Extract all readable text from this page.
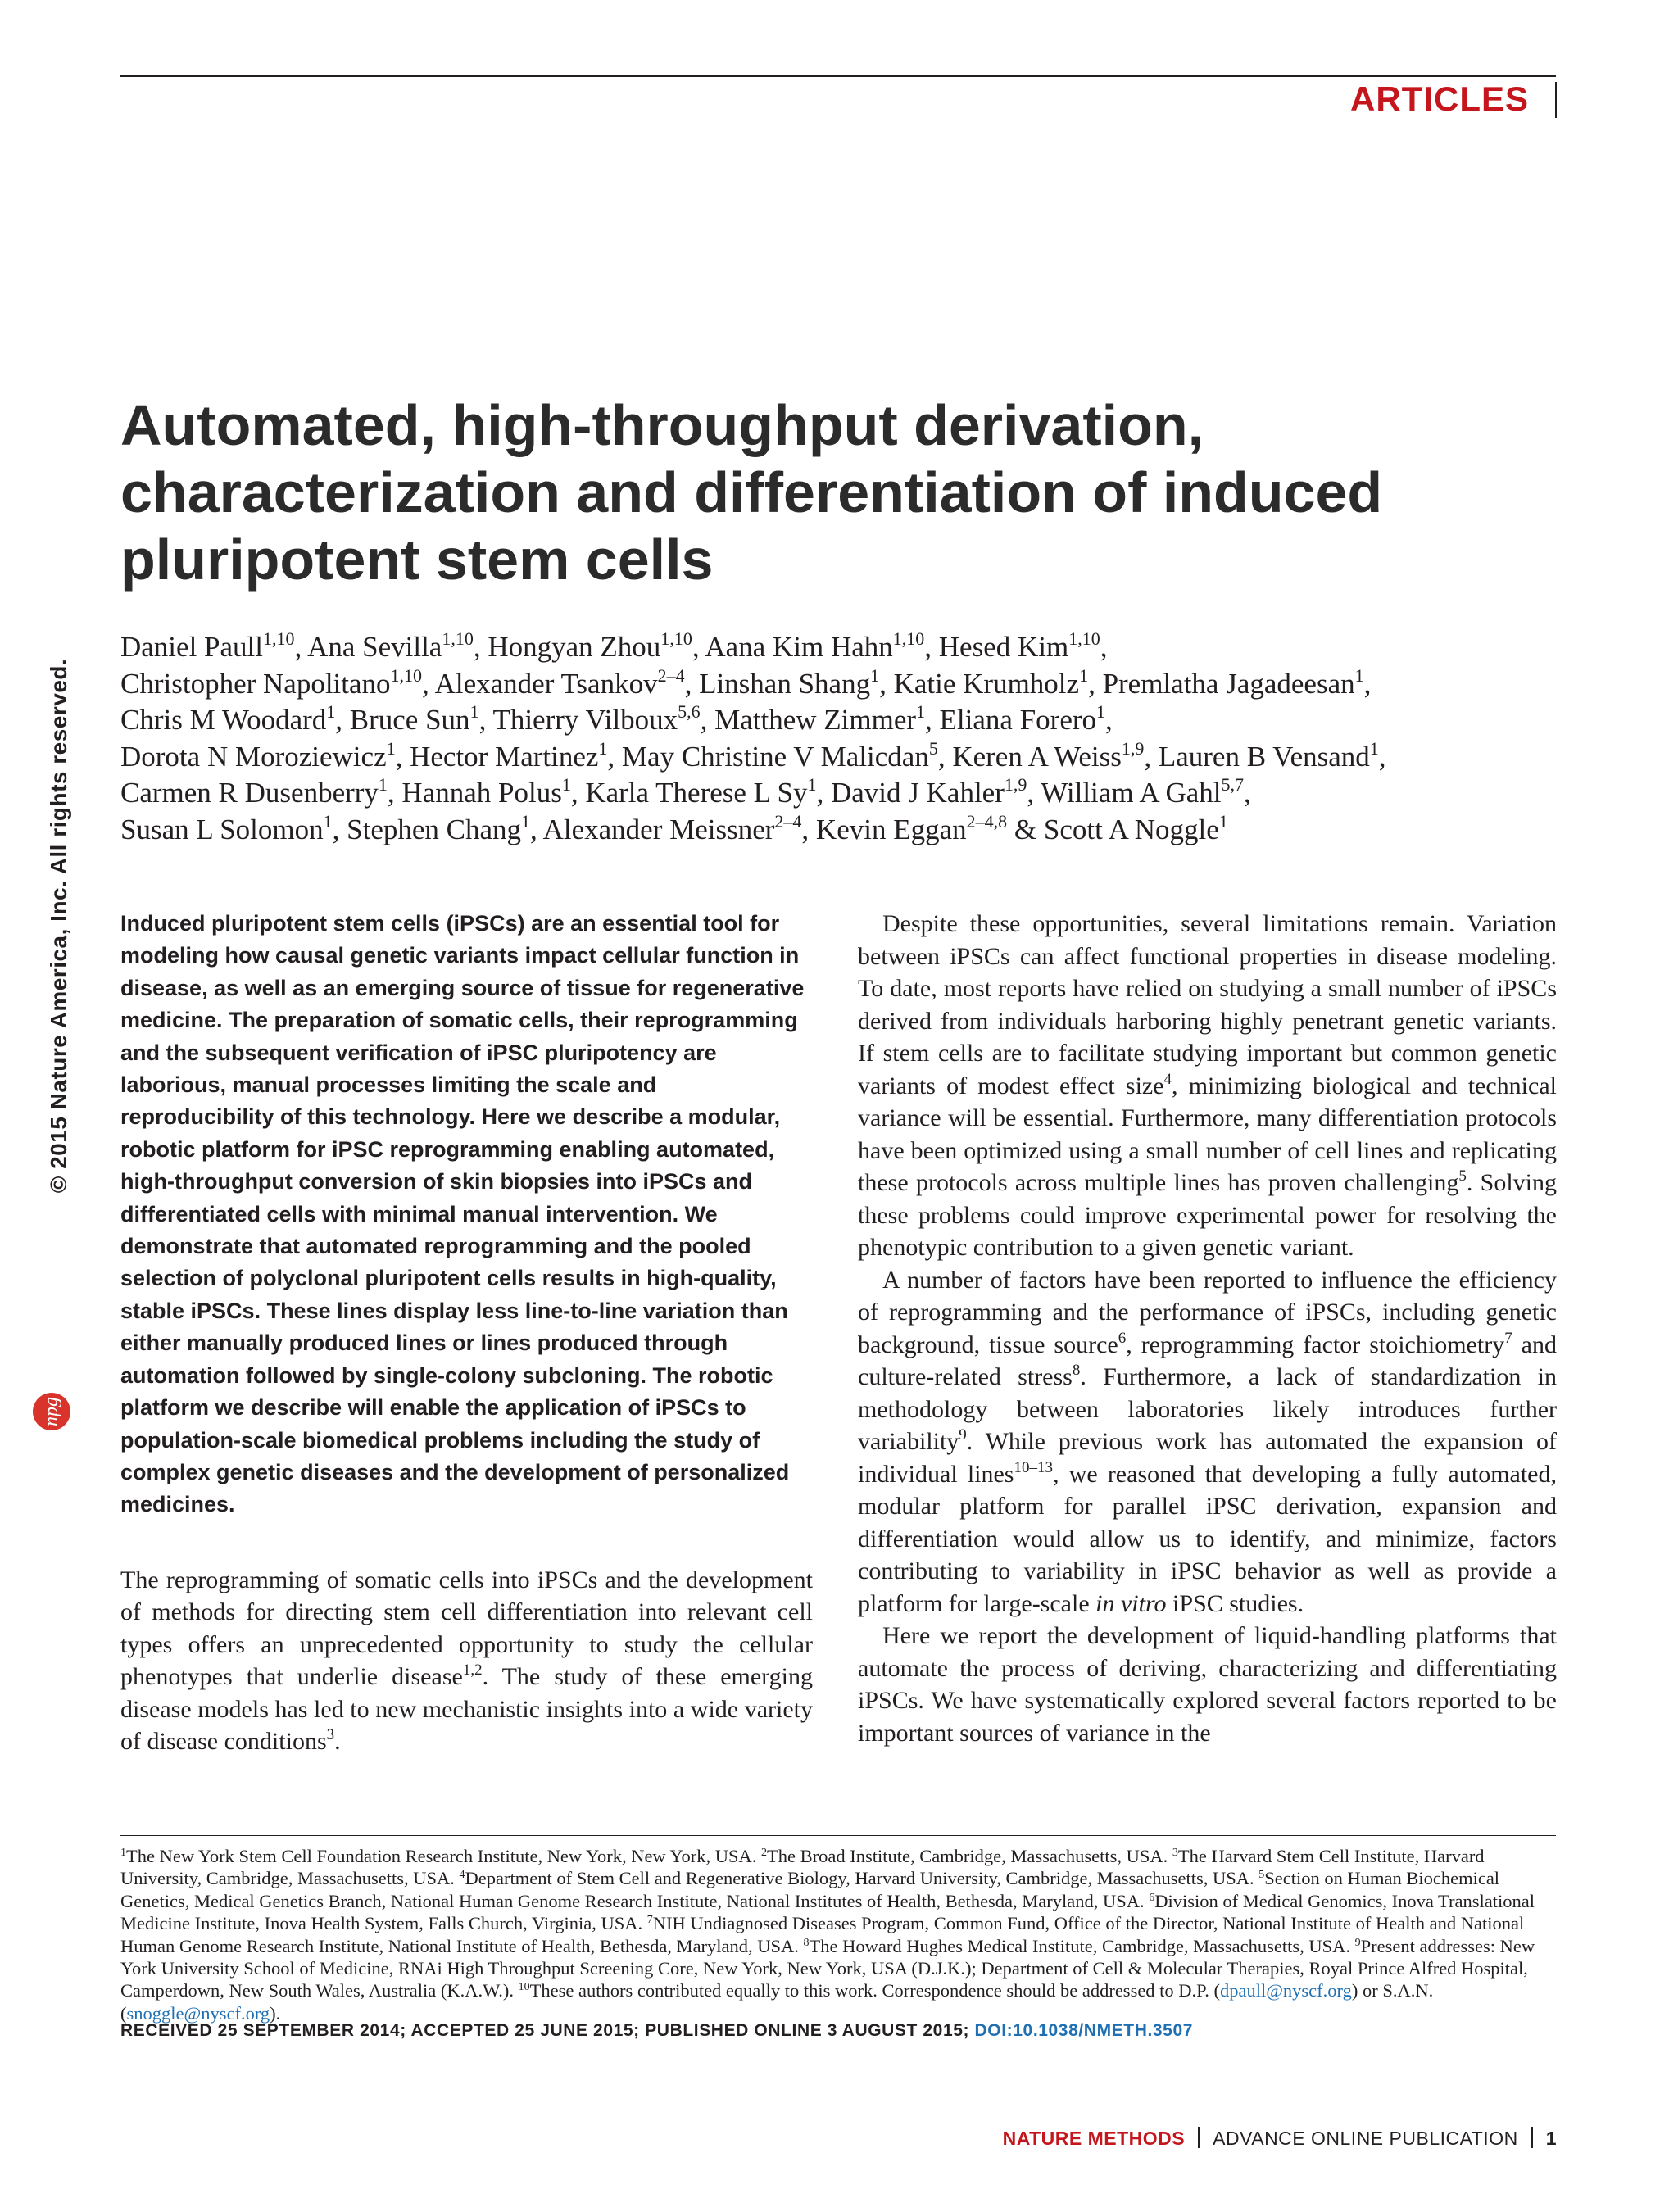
ARTICLES
© 2015 Nature America, Inc. All rights reserved.
npg
Automated, high-throughput derivation, characterization and differentiation of induced pluripotent stem cells
Daniel Paull$^{1,10}$, Ana Sevilla$^{1,10}$, Hongyan Zhou$^{1,10}$, Aana Kim Hahn$^{1,10}$, Hesed Kim$^{1,10}$,
Christopher Napolitano$^{1,10}$, Alexander Tsankov$^{2-4}$, Linshan Shang$^1$, Katie Krumholz$^1$, Premlatha Jagadeesan$^1$,
Chris M Woodard$^1$, Bruce Sun$^1$, Thierry Vilboux$^{5,6}$, Matthew Zimmer$^1$, Eliana Forero$^1$,
Dorota N Moroziewicz$^1$, Hector Martinez$^1$, May Christine V Malicdan$^5$, Keren A Weiss$^{1,9}$, Lauren B Vensand$^1$,
Carmen R Dusenberry$^1$, Hannah Polus$^1$, Karla Therese L Sy$^1$, David J Kahler$^{1,9}$, William A Gahl$^{5,7}$,
Susan L Solomon$^1$, Stephen Chang$^1$, Alexander Meissner$^{2-4}$, Kevin Eggan$^{2-4,8}$ & Scott A Noggle$^1$

Induced pluripotent stem cells (iPSCs) are an essential tool for modeling how causal genetic variants impact cellular function in disease, as well as an emerging source of tissue for regenerative medicine. The preparation of somatic cells, their reprogramming and the subsequent verification of iPSC pluripotency are laborious, manual processes limiting the scale and reproducibility of this technology. Here we describe a modular, robotic platform for iPSC reprogramming enabling automated, high-throughput conversion of skin biopsies into iPSCs and differentiated cells with minimal manual intervention. We demonstrate that automated reprogramming and the pooled selection of polyclonal pluripotent cells results in high-quality, stable iPSCs. These lines display less line-to-line variation than either manually produced lines or lines produced through automation followed by single-colony subcloning. The robotic platform we describe will enable the application of iPSCs to population-scale biomedical problems including the study of complex genetic diseases and the development of personalized medicines.

The reprogramming of somatic cells into iPSCs and the development of methods for directing stem cell differentiation into relevant cell types offers an unprecedented opportunity to study the cellular phenotypes that underlie disease$^{1,2}$. The study of these emerging disease models has led to new mechanistic insights into a wide variety of disease conditions$^3$.

Despite these opportunities, several limitations remain. Variation between iPSCs can affect functional properties in disease modeling. To date, most reports have relied on studying a small number of iPSCs derived from individuals harboring highly penetrant genetic variants. If stem cells are to facilitate studying important but common genetic variants of modest effect size$^4$, minimizing biological and technical variance will be essential. Furthermore, many differentiation protocols have been optimized using a small number of cell lines and replicating these protocols across multiple lines has proven challenging$^5$. Solving these problems could improve experimental power for resolving the phenotypic contribution to a given genetic variant.

A number of factors have been reported to influence the efficiency of reprogramming and the performance of iPSCs, including genetic background, tissue source$^6$, reprogramming factor stoichiometry$^7$ and culture-related stress$^8$. Furthermore, a lack of standardization in methodology between laboratories likely introduces further variability$^9$. While previous work has automated the expansion of individual lines$^{10-13}$, we reasoned that developing a fully automated, modular platform for parallel iPSC derivation, expansion and differentiation would allow us to identify, and minimize, factors contributing to variability in iPSC behavior as well as provide a platform for large-scale in vitro iPSC studies.

Here we report the development of liquid-handling platforms that automate the process of deriving, characterizing and differentiating iPSCs. We have systematically explored several factors reported to be important sources of variance in the

$^1$The New York Stem Cell Foundation Research Institute, New York, New York, USA. $^2$The Broad Institute, Cambridge, Massachusetts, USA. $^3$The Harvard Stem Cell Institute, Harvard University, Cambridge, Massachusetts, USA. $^4$Department of Stem Cell and Regenerative Biology, Harvard University, Cambridge, Massachusetts, USA. $^5$Section on Human Biochemical Genetics, Medical Genetics Branch, National Human Genome Research Institute, National Institutes of Health, Bethesda, Maryland, USA. $^6$Division of Medical Genomics, Inova Translational Medicine Institute, Inova Health System, Falls Church, Virginia, USA. $^7$NIH Undiagnosed Diseases Program, Common Fund, Office of the Director, National Institute of Health and National Human Genome Research Institute, National Institute of Health, Bethesda, Maryland, USA. $^8$The Howard Hughes Medical Institute, Cambridge, Massachusetts, USA. $^9$Present addresses: New York University School of Medicine, RNAi High Throughput Screening Core, New York, New York, USA (D.J.K.); Department of Cell & Molecular Therapies, Royal Prince Alfred Hospital, Camperdown, New South Wales, Australia (K.A.W.). $^{10}$These authors contributed equally to this work. Correspondence should be addressed to D.P. (dpaull@nyscf.org) or S.A.N. (snoggle@nyscf.org).

RECEIVED 25 SEPTEMBER 2014; ACCEPTED 25 JUNE 2015; PUBLISHED ONLINE 3 AUGUST 2015; DOI:10.1038/NMETH.3507
NATURE METHODS ADVANCE ONLINE PUBLICATION 1
